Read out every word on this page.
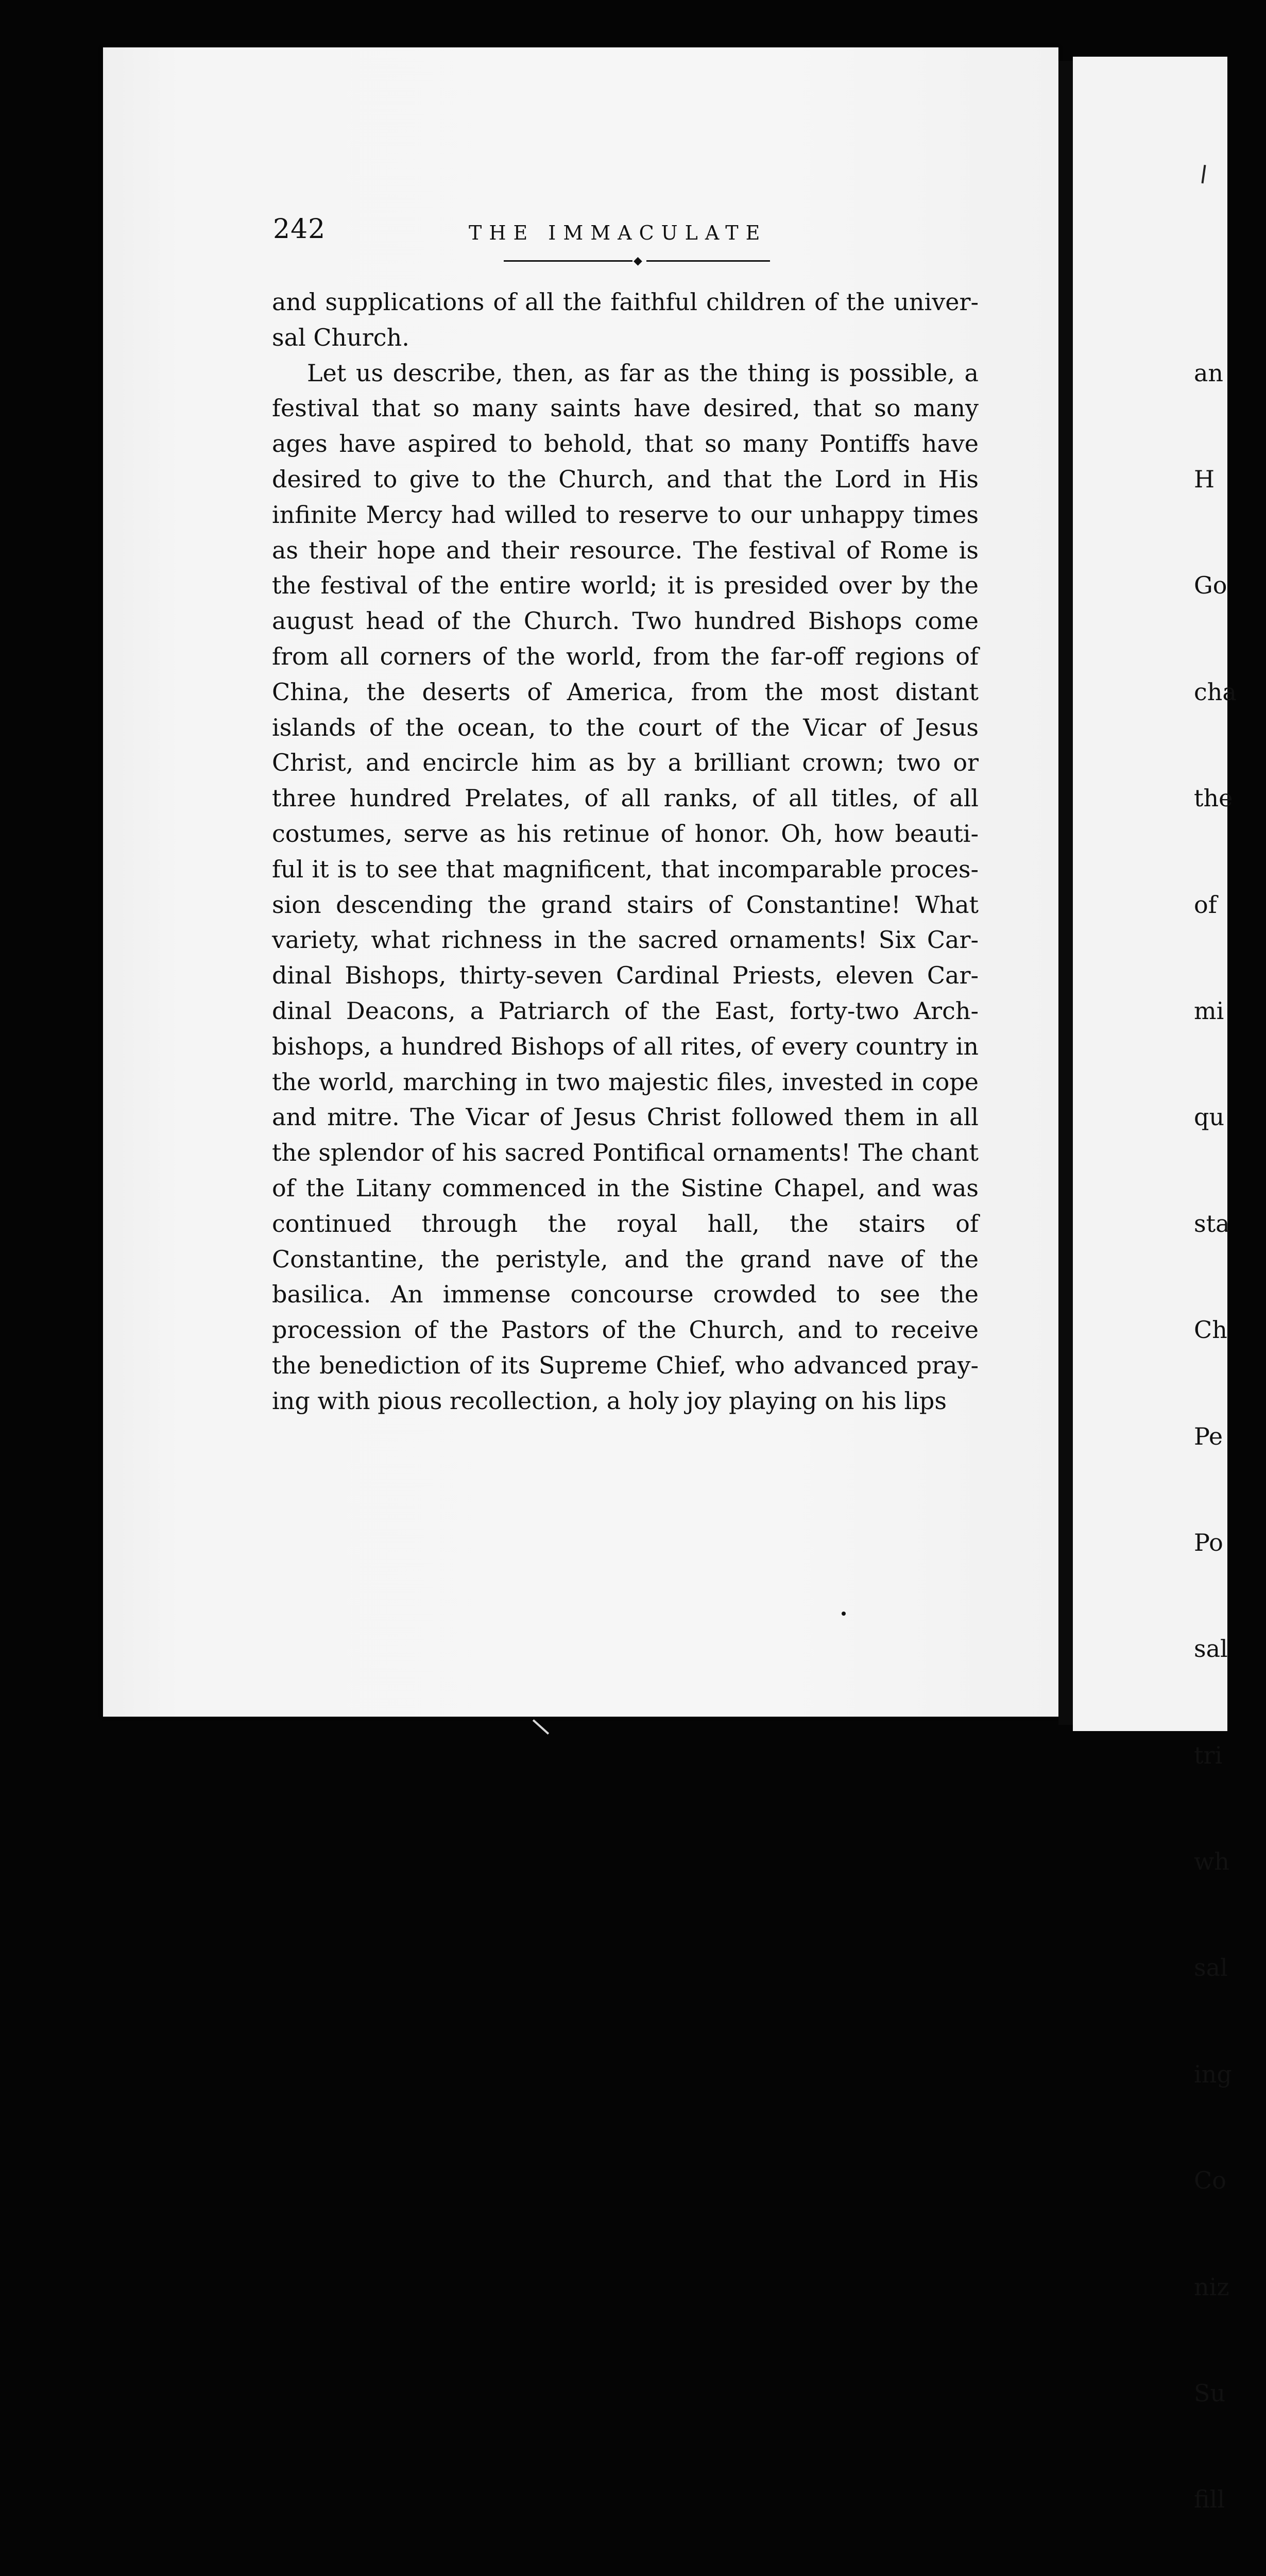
242	THE IMMACULATE
◆

and supplications of all the faithful children of the univer-sal Church.

Let us describe, then, as far as the thing is possible, a festival that so many saints have desired, that so many ages have aspired to behold, that so many Pontiffs have desired to give to the Church, and that the Lord in His infinite Mercy had willed to reserve to our unhappy times as their hope and their resource. The festival of Rome is the festival of the entire world; it is presided over by the august head of the Church. Two hundred Bishops come from all corners of the world, from the far-off regions of China, the deserts of America, from the most distant islands of the ocean, to the court of the Vicar of Jesus Christ, and encircle him as by a brilliant crown; two or three hundred Prelates, of all ranks, of all titles, of all costumes, serve as his retinue of honor. Oh, how beauti-ful it is to see that magnificent, that incomparable proces-sion descending the grand stairs of Constantine! What variety, what richness in the sacred ornaments! Six Car-dinal Bishops, thirty-seven Cardinal Priests, eleven Car-dinal Deacons, a Patriarch of the East, forty-two Arch-bishops, a hundred Bishops of all rites, of every country in the world, marching in two majestic files, invested in cope and mitre. The Vicar of Jesus Christ followed them in all the splendor of his sacred Pontifical ornaments! The chant of the Litany commenced in the Sistine Chapel, and was continued through the royal hall, the stairs of Constantine, the peristyle, and the grand nave of the basilica. An immense concourse crowded to see the procession of the Pastors of the Church, and to receive the benediction of its Supreme Chief, who advanced pray-ing with pious recollection, a holy joy playing on his lips

an

H

Go

cha

the

of

mi

qu

sta

Ch

Pe

Po

sal

tri

wh

sal

ing

Co

niz

Su

fill
